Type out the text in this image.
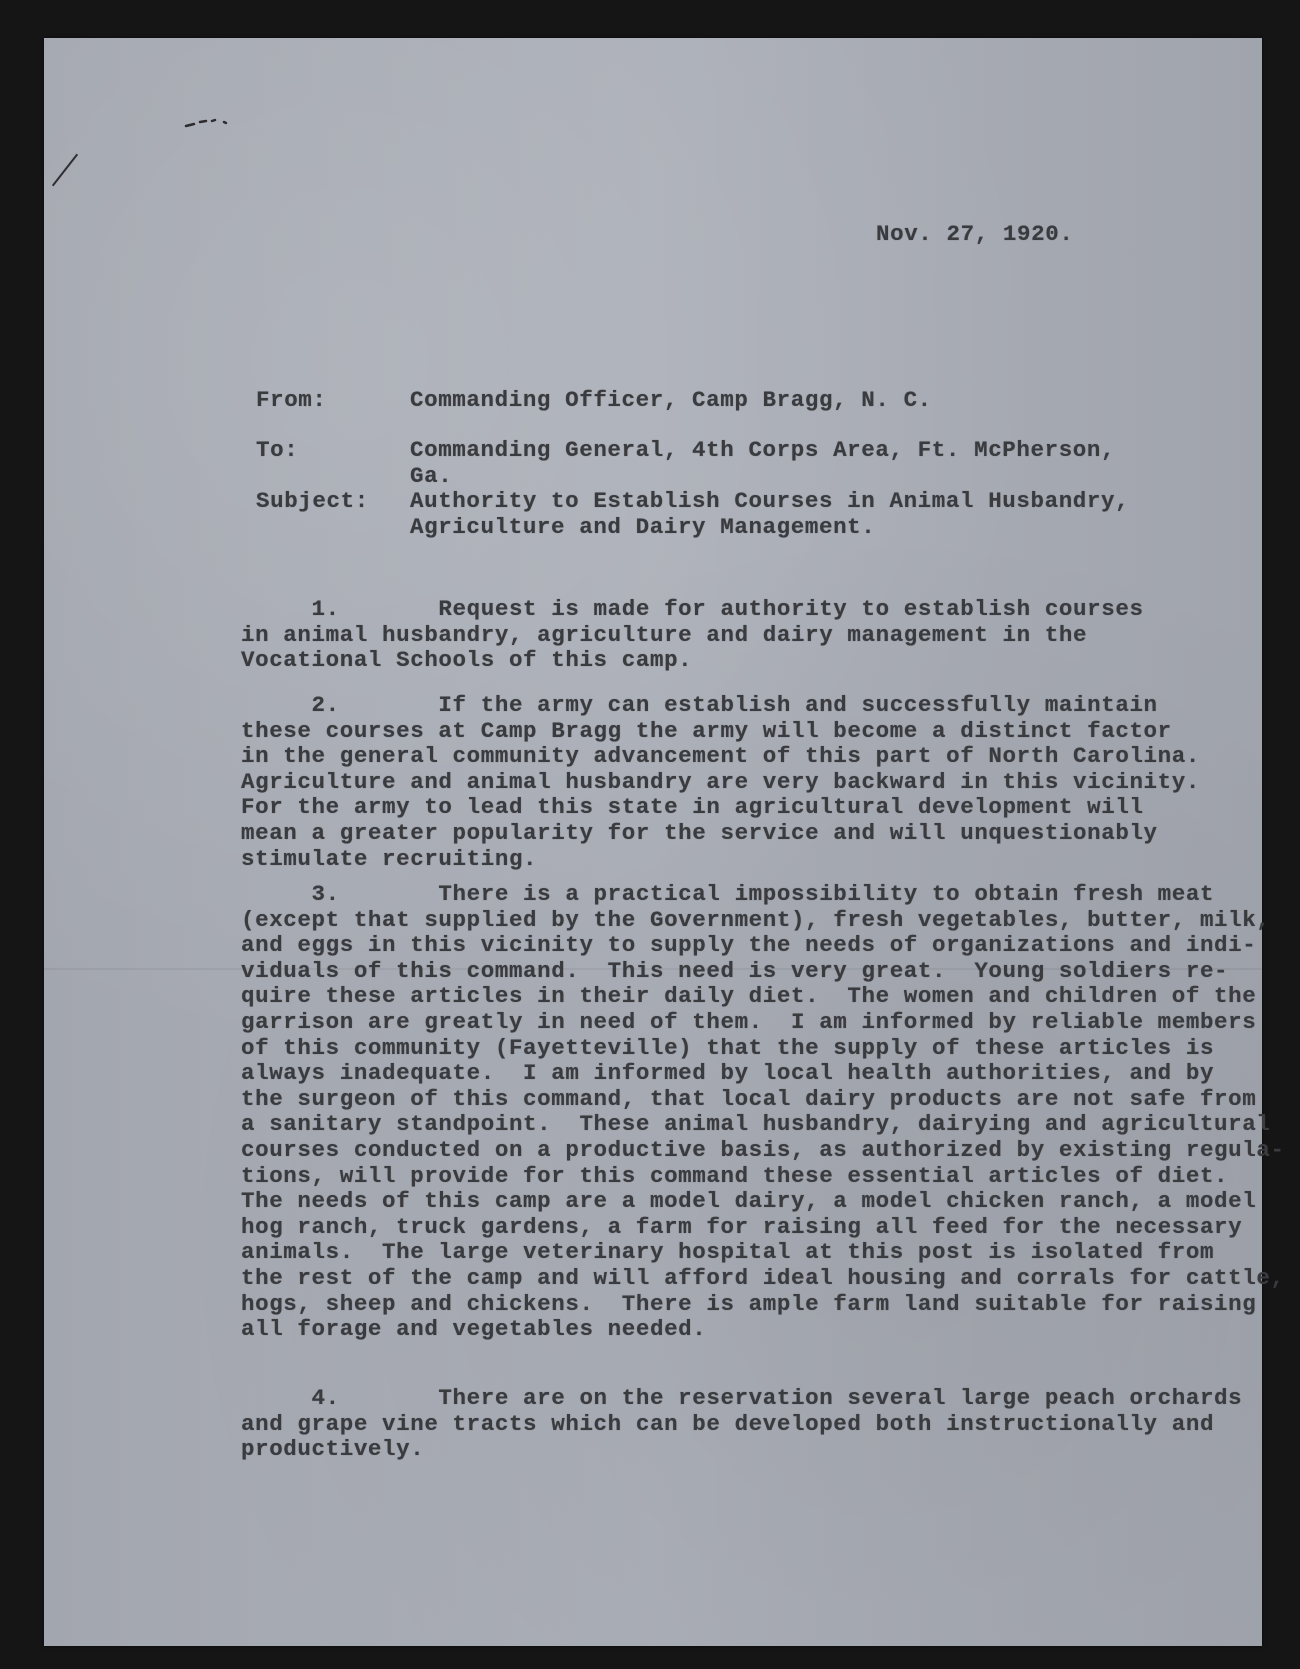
Nov. 27, 1920.
From:	Commanding Officer, Camp Bragg, N. C.
To:	Commanding General, 4th Corps Area, Ft. McPherson,
Ga.
Subject: Authority to Establish Courses in Animal Husbandry,
Agriculture and Dairy Management.
1.       Request is made for authority to establish courses
in animal husbandry, agriculture and dairy management in the
Vocational Schools of this camp.
2.       If the army can establish and successfully maintain
these courses at Camp Bragg the army will become a distinct factor
in the general community advancement of this part of North Carolina.
Agriculture and animal husbandry are very backward in this vicinity.
For the army to lead this state in agricultural development will
mean a greater popularity for the service and will unquestionably
stimulate recruiting.
3.       There is a practical impossibility to obtain fresh meat
(except that supplied by the Government), fresh vegetables, butter, milk,
and eggs in this vicinity to supply the needs of organizations and indi-
viduals of this command.  This need is very great.  Young soldiers re-
quire these articles in their daily diet.  The women and children of the
garrison are greatly in need of them.  I am informed by reliable members
of this community (Fayetteville) that the supply of these articles is
always inadequate.  I am informed by local health authorities, and by
the surgeon of this command, that local dairy products are not safe from
a sanitary standpoint.  These animal husbandry, dairying and agricultural
courses conducted on a productive basis, as authorized by existing regula-
tions, will provide for this command these essential articles of diet.
The needs of this camp are a model dairy, a model chicken ranch, a model
hog ranch, truck gardens, a farm for raising all feed for the necessary
animals.  The large veterinary hospital at this post is isolated from
the rest of the camp and will afford ideal housing and corrals for cattle,
hogs, sheep and chickens.  There is ample farm land suitable for raising
all forage and vegetables needed.
4.       There are on the reservation several large peach orchards
and grape vine tracts which can be developed both instructionally and
productively.
